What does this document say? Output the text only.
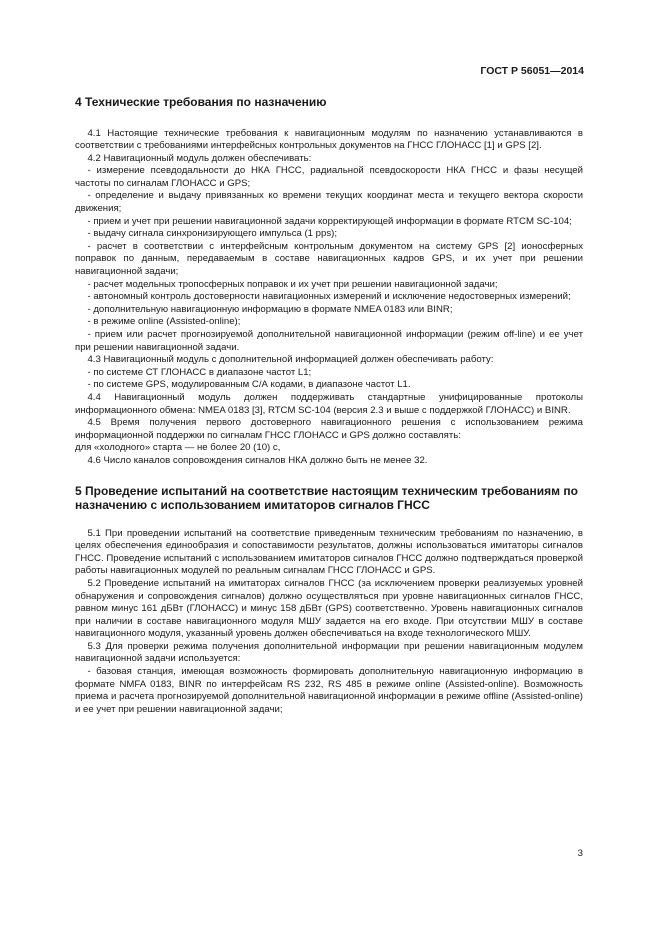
ГОСТ Р 56051—2014
4 Технические требования по назначению

4.1 Настоящие технические требования к навигационным модулям по назначению устанавливаются в соответствии с требованиями интерфейсных контрольных документов на ГНСС ГЛОНАСС [1] и GPS [2].

4.2 Навигационный модуль должен обеспечивать:

- измерение псевдодальности до НКА ГНСС, радиальной псевдоскорости НКА ГНСС и фазы несущей частоты по сигналам ГЛОНАСС и GPS;

- определение и выдачу привязанных ко времени текущих координат места и текущего вектора скорости движения;

- прием и учет при решении навигационной задачи корректирующей информации в формате RTCM SC-104;

- выдачу сигнала синхронизирующего импульса (1 pps);

- расчет в соответствии с интерфейсным контрольным документом на систему GPS [2] ионосферных поправок по данным, передаваемым в составе навигационных кадров GPS, и их учет при решении навигационной задачи;

- расчет модельных тропосферных поправок и их учет при решении навигационной задачи;

- автономный контроль достоверности навигационных измерений и исключение недостоверных измерений;

- дополнительную навигационную информацию в формате NMEA 0183 или BINR;

- в режиме online (Assisted-online);

- прием или расчет прогнозируемой дополнительной навигационной информации (режим off-line) и ее учет при решении навигационной задачи.

4.3 Навигационный модуль с дополнительной информацией должен обеспечивать работу:

- по системе СТ ГЛОНАСС в диапазоне частот L1;

- по системе GPS, модулированным С/А кодами, в диапазоне частот L1.

4.4 Навигационный модуль должен поддерживать стандартные унифицированные протоколы информационного обмена: NMEA 0183 [3], RTCM SC-104 (версия 2.3 и выше с поддержкой ГЛОНАСС) и BINR.

4.5 Время получения первого достоверного навигационного решения с использованием режима информационной поддержки по сигналам ГНСС ГЛОНАСС и GPS должно составлять:

для «холодного» старта — не более 20 (10) с,

4.6 Число каналов сопровождения сигналов НКА должно быть не менее 32.

5 Проведение испытаний на соответствие настоящим техническим требованиям по назначению с использованием имитаторов сигналов ГНСС

5.1 При проведении испытаний на соответствие приведенным техническим требованиям по назначению, в целях обеспечения единообразия и сопоставимости результатов, должны использоваться имитаторы сигналов ГНСС. Проведение испытаний с использованием имитаторов сигналов ГНСС должно подтверждаться проверкой работы навигационных модулей по реальным сигналам ГНСС ГЛОНАСС и GPS.

5.2 Проведение испытаний на имитаторах сигналов ГНСС (за исключением проверки реализуемых уровней обнаружения и сопровождения сигналов) должно осуществляться при уровне навигационных сигналов ГНСС, равном минус 161 дБВт (ГЛОНАСС) и минус 158 дБВт (GPS) соответственно. Уровень навигационных сигналов при наличии в составе навигационного модуля МШУ задается на его входе. При отсутствии МШУ в составе навигационного модуля, указанный уровень должен обеспечиваться на входе технологического МШУ.

5.3 Для проверки режима получения дополнительной информации при решении навигационным модулем навигационной задачи используется:

- базовая станция, имеющая возможность формировать дополнительную навигационную информацию в формате NMFA 0183, BINR по интерфейсам RS 232, RS 485 в режиме online (Assisted-online). Возможность приема и расчета прогнозируемой дополнительной навигационной информации в режиме offline (Assisted-online) и ее учет при решении навигационной задачи;

3
